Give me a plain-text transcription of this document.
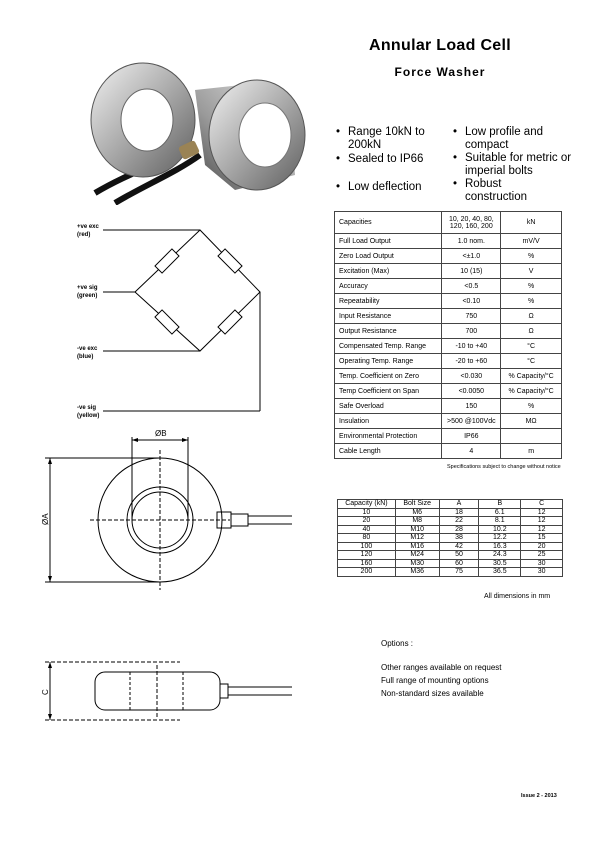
Annular Load Cell
Force Washer
• Range 10kN to 200kN
• Sealed to IP66
• Low deflection
• Low profile and compact
• Suitable for metric or imperial bolts
• Robust construction
+ve exc
(red)
+ve sig
(green)
-ve exc
(blue)
-ve sig
(yellow)
ØB
ØA
C
Capacities	10, 20, 40, 80, 120, 160, 200	kN
Full Load Output	1.0 nom.	mV/V
Zero Load Output	<±1.0	%
Excitation (Max)	10 (15)	V
Accuracy	<0.5	%
Repeatability	<0.10	%
Input Resistance	750	Ω
Output Resistance	700	Ω
Compensated Temp. Range	-10 to +40	°C
Operating Temp. Range	-20 to +60	°C
Temp. Coefficient on Zero	<0.030	% Capacity/°C
Temp Coefficient on Span	<0.0050	% Capacity/°C
Safe Overload	150	%
Insulation	>500 @100Vdc	MΩ
Environmental Protection	IP66	
Cable Length	4	m
Specifications subject to change without notice
Capacity (kN)	Bolt Size	A	B	C
10	M6	18	6.1	12
20	M8	22	8.1	12
40	M10	28	10.2	12
80	M12	38	12.2	15
100	M16	42	16.3	20
120	M24	50	24.3	25
160	M30	60	30.5	30
200	M36	75	36.5	30
All dimensions in mm
Options :
Other ranges available on request
Full range of mounting options
Non-standard sizes available
Issue 2 - 2013
